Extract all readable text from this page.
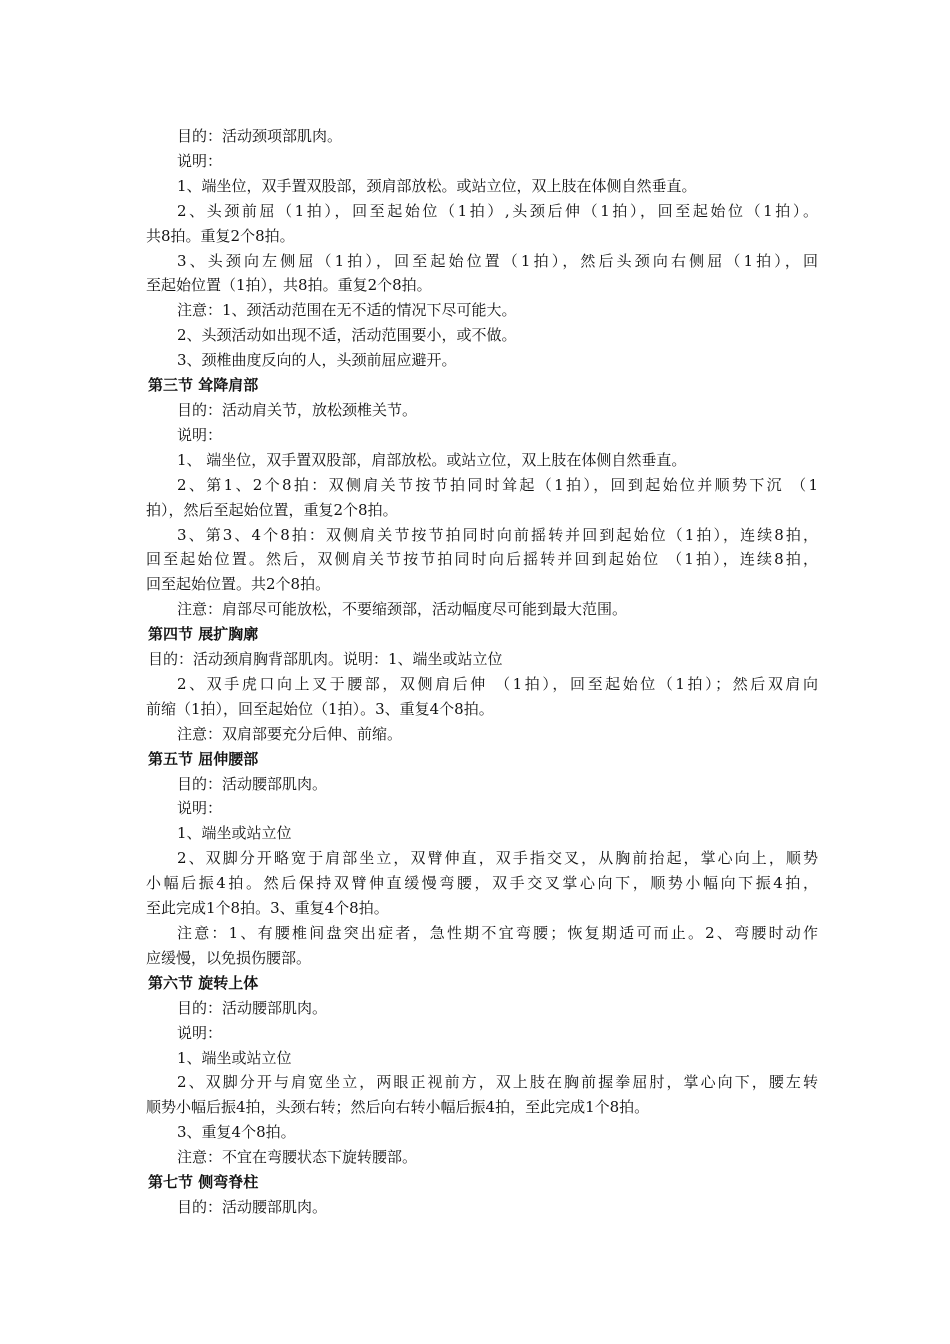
目的：活动颈项部肌肉。
说明：
1、端坐位，双手置双股部，颈肩部放松。或站立位，双上肢在体侧自然垂直。
2、头颈前屈（1拍），回至起始位（1拍）,头颈后伸（1拍），回至起始位（1拍）。
共8拍。重复2个8拍。
3、头颈向左侧屈（1拍），回至起始位置（1拍），然后头颈向右侧屈（1拍），回
至起始位置（1拍），共8拍。重复2个8拍。
注意：1、颈活动范围在无不适的情况下尽可能大。
2、头颈活动如出现不适，活动范围要小，或不做。
3、颈椎曲度反向的人，头颈前屈应避开。
第三节 耸降肩部
目的：活动肩关节，放松颈椎关节。
说明：
1、 端坐位，双手置双股部，肩部放松。或站立位，双上肢在体侧自然垂直。
2、第1、2个8拍：双侧肩关节按节拍同时耸起（1拍），回到起始位并顺势下沉 （1
拍），然后至起始位置，重复2个8拍。
3、第3、4个8拍：双侧肩关节按节拍同时向前摇转并回到起始位（1拍），连续8拍，
回至起始位置。然后，双侧肩关节按节拍同时向后摇转并回到起始位 （1拍），连续8拍，
回至起始位置。共2个8拍。
注意：肩部尽可能放松，不要缩颈部，活动幅度尽可能到最大范围。
第四节 展扩胸廓
目的：活动颈肩胸背部肌肉。说明：1、端坐或站立位
2、双手虎口向上叉于腰部，双侧肩后伸 （1拍），回至起始位（1拍）；然后双肩向
前缩（1拍），回至起始位（1拍）。3、重复4个8拍。
注意：双肩部要充分后伸、前缩。
第五节 屈伸腰部
目的：活动腰部肌肉。
说明：
1、端坐或站立位
2、双脚分开略宽于肩部坐立，双臂伸直，双手指交叉，从胸前抬起，掌心向上，顺势
小幅后振4拍。然后保持双臂伸直缓慢弯腰，双手交叉掌心向下，顺势小幅向下振4拍，
至此完成1个8拍。3、重复4个8拍。
注意：1、有腰椎间盘突出症者，急性期不宜弯腰；恢复期适可而止。2、弯腰时动作
应缓慢，以免损伤腰部。
第六节 旋转上体
目的：活动腰部肌肉。
说明：
1、端坐或站立位
2、双脚分开与肩宽坐立，两眼正视前方，双上肢在胸前握拳屈肘，掌心向下，腰左转
顺势小幅后振4拍，头颈右转；然后向右转小幅后振4拍，至此完成1个8拍。
3、重复4个8拍。
注意：不宜在弯腰状态下旋转腰部。
第七节 侧弯脊柱
目的：活动腰部肌肉。
